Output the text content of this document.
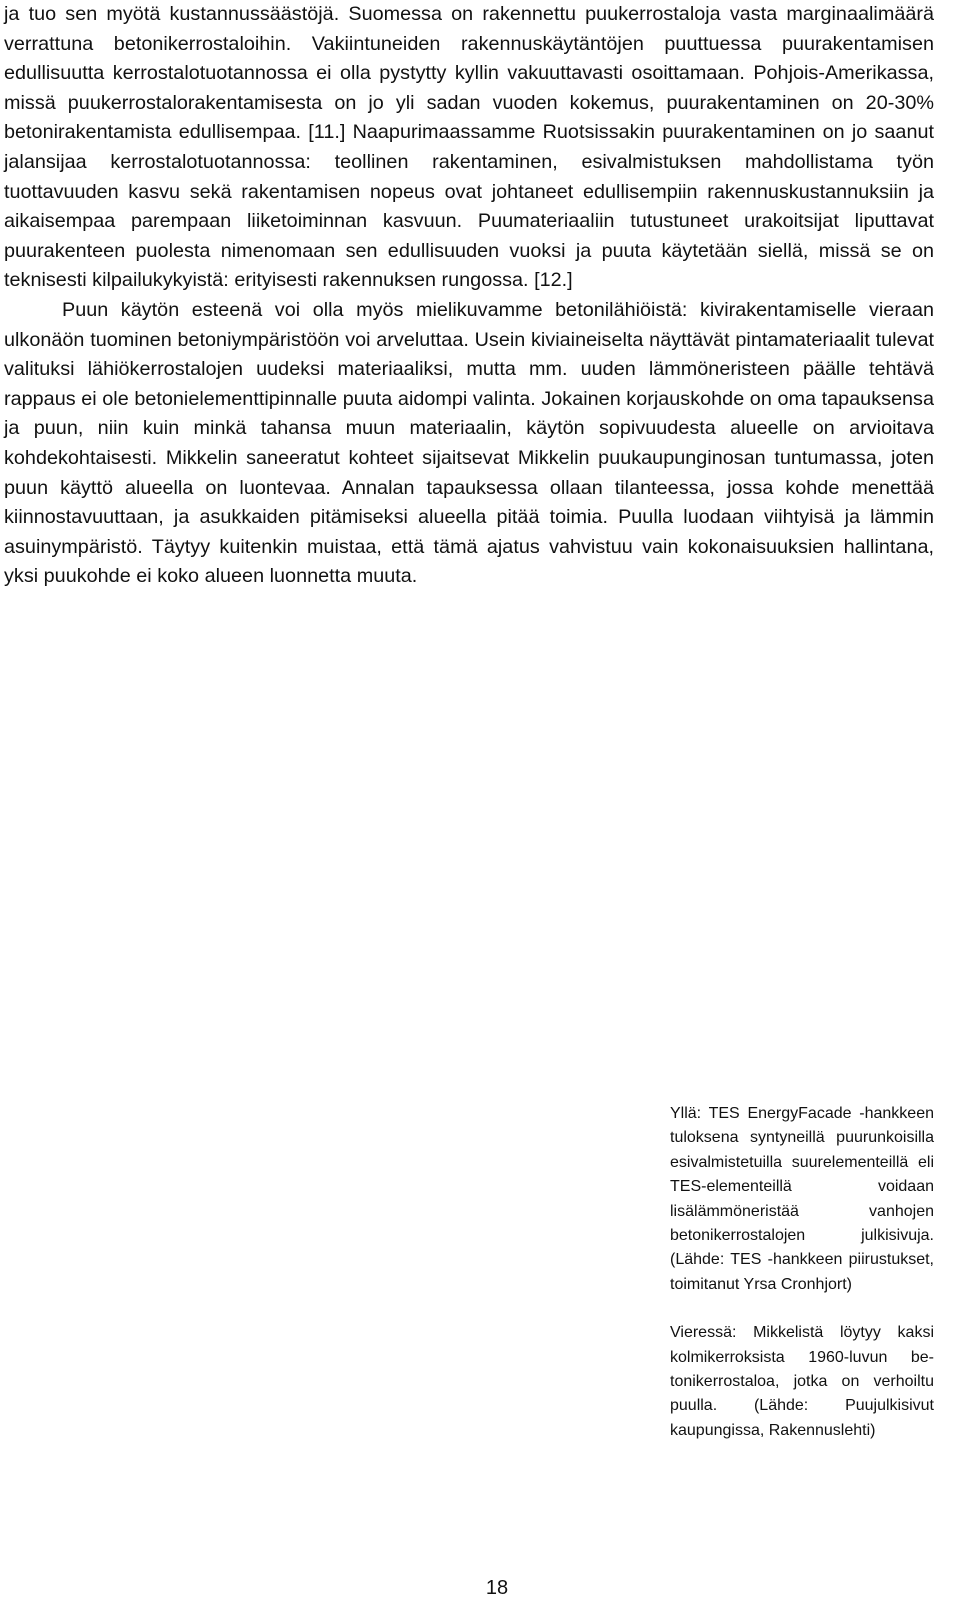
ja tuo sen myötä kustannussäästöjä. Suomessa on rakennettu puukerrostaloja vasta marginaalimäärä verrattuna betonikerrostaloihin. Vakiintuneiden rakennuskäytäntöjen puuttuessa puurakentamisen edullisuutta kerrostalotuotannossa ei olla pystytty kyllin vakuuttavasti osoittamaan. Pohjois-Amerikassa, missä puukerrostalorakentamisesta on jo yli sadan vuoden kokemus, puurakentaminen on 20-30% betonirakentamista edullisempaa. [11.] Naapurimaassamme Ruotsissakin puurakentaminen on jo saanut jalansijaa kerrostalotuotannossa: teollinen rakentaminen, esivalmistuksen mahdollistama työn tuottavuuden kasvu sekä rakentamisen nopeus ovat johtaneet edullisempiin rakennuskustannuksiin ja aikaisempaa parempaan liiketoiminnan kasvuun. Puumateriaaliin tutustuneet urakoitsijat liputtavat puurakenteen puolesta nimenomaan sen edullisuuden vuoksi ja puuta käytetään siellä, missä se on teknisesti kilpailukykyistä: erityisesti rakennuksen rungossa. [12.]

Puun käytön esteenä voi olla myös mielikuvamme betonilähiöistä: kivirakentamiselle vieraan ulkonäön tuominen betoniympäristöön voi arveluttaa. Usein kiviaineiselta näyttävät pintamateriaalit tulevat valituksi lähiökerrostalojen uudeksi materiaaliksi, mutta mm. uuden lämmöneristeen päälle tehtävä rappaus ei ole betonielementtipinnalle puuta aidompi valinta. Jokainen korjauskohde on oma tapauksensa ja puun, niin kuin minkä tahansa muun materiaalin, käytön sopivuudesta alueelle on arvioitava kohdekohtaisesti. Mikkelin saneeratut kohteet sijaitsevat Mikkelin puukaupunginosan tuntumassa, joten puun käyttö alueella on luontevaa. Annalan tapauksessa ollaan tilanteessa, jossa kohde menettää kiinnostavuuttaan, ja asukkaiden pitämiseksi alueella pitää toimia. Puulla luodaan viihtyisä ja lämmin asuinympäristö. Täytyy kuitenkin muistaa, että tämä ajatus vahvistuu vain kokonaisuuksien hallintana, yksi puukohde ei koko alueen luonnetta muuta.

Yllä: TES EnergyFacade -hankkeen tuloksena syntyneillä puurunkoisilla esivalmistetuilla suurelementeillä eli TES-elementeillä voidaan lisälämmöneristää vanhojen betonikerrostalojen julkisivuja. (Lähde: TES -hankkeen piirustukset, toimitanut Yrsa Cronhjort)

Vieressä: Mikkelistä löytyy kaksi kolmikerroksista 1960-luvun betonikerrostaloa, jotka on verhoiltu puulla. (Lähde: Puujulkisivut kaupungissa, Rakennuslehti)

18
